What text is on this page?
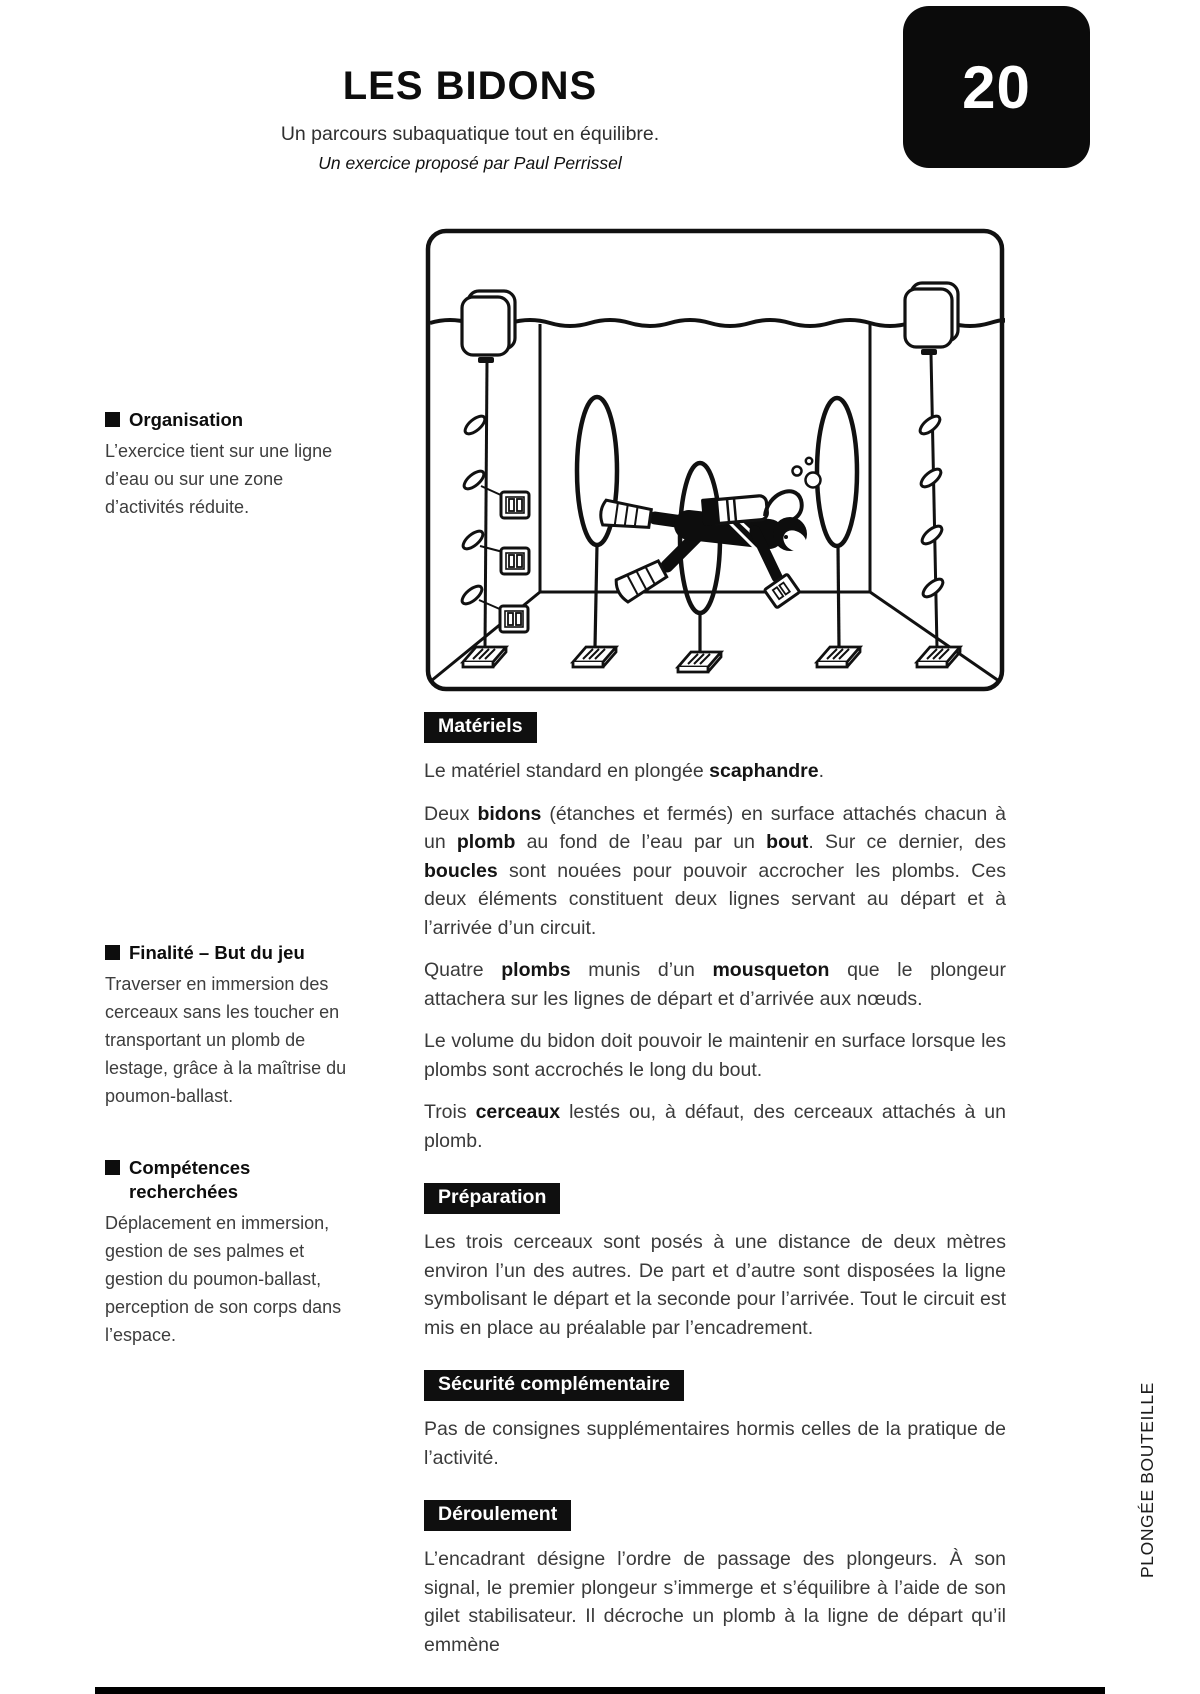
LES BIDONS
Un parcours subaquatique tout en équilibre.
Un exercice proposé par Paul Perrissel
20
Organisation
L’exercice tient sur une ligne d’eau ou sur une zone d’activités réduite.
Finalité – But du jeu
Traverser en immersion des cerceaux sans les toucher en transportant un plomb de lestage, grâce à la maîtrise du poumon-ballast.
Compétences recherchées
Déplacement en immersion, gestion de ses palmes et gestion du poumon-ballast, perception de son corps dans l’espace.
Matériels

Le matériel standard en plongée scaphandre.

Deux bidons (étanches et fermés) en surface attachés chacun à un plomb au fond de l’eau par un bout. Sur ce dernier, des boucles sont nouées pour pouvoir accrocher les plombs. Ces deux éléments constituent deux lignes servant au départ et à l’arrivée d’un circuit.

Quatre plombs munis d’un mousqueton que le plongeur attachera sur les lignes de départ et d’arrivée aux nœuds.

Le volume du bidon doit pouvoir le maintenir en surface lorsque les plombs sont accrochés le long du bout.

Trois cerceaux lestés ou, à défaut, des cerceaux attachés à un plomb.

Préparation

Les trois cerceaux sont posés à une distance de deux mètres environ l’un des autres. De part et d’autre sont disposées la ligne symbolisant le départ et la seconde pour l’arrivée. Tout le circuit est mis en place au préalable par l’encadrement.

Sécurité complémentaire

Pas de consignes supplémentaires hormis celles de la pratique de l’activité.

Déroulement

L’encadrant désigne l’ordre de passage des plongeurs. À son signal, le premier plongeur s’immerge et s’équilibre à l’aide de son gilet stabilisateur. Il décroche un plomb à la ligne de départ qu’il emmène

PLONGÉE BOUTEILLE
